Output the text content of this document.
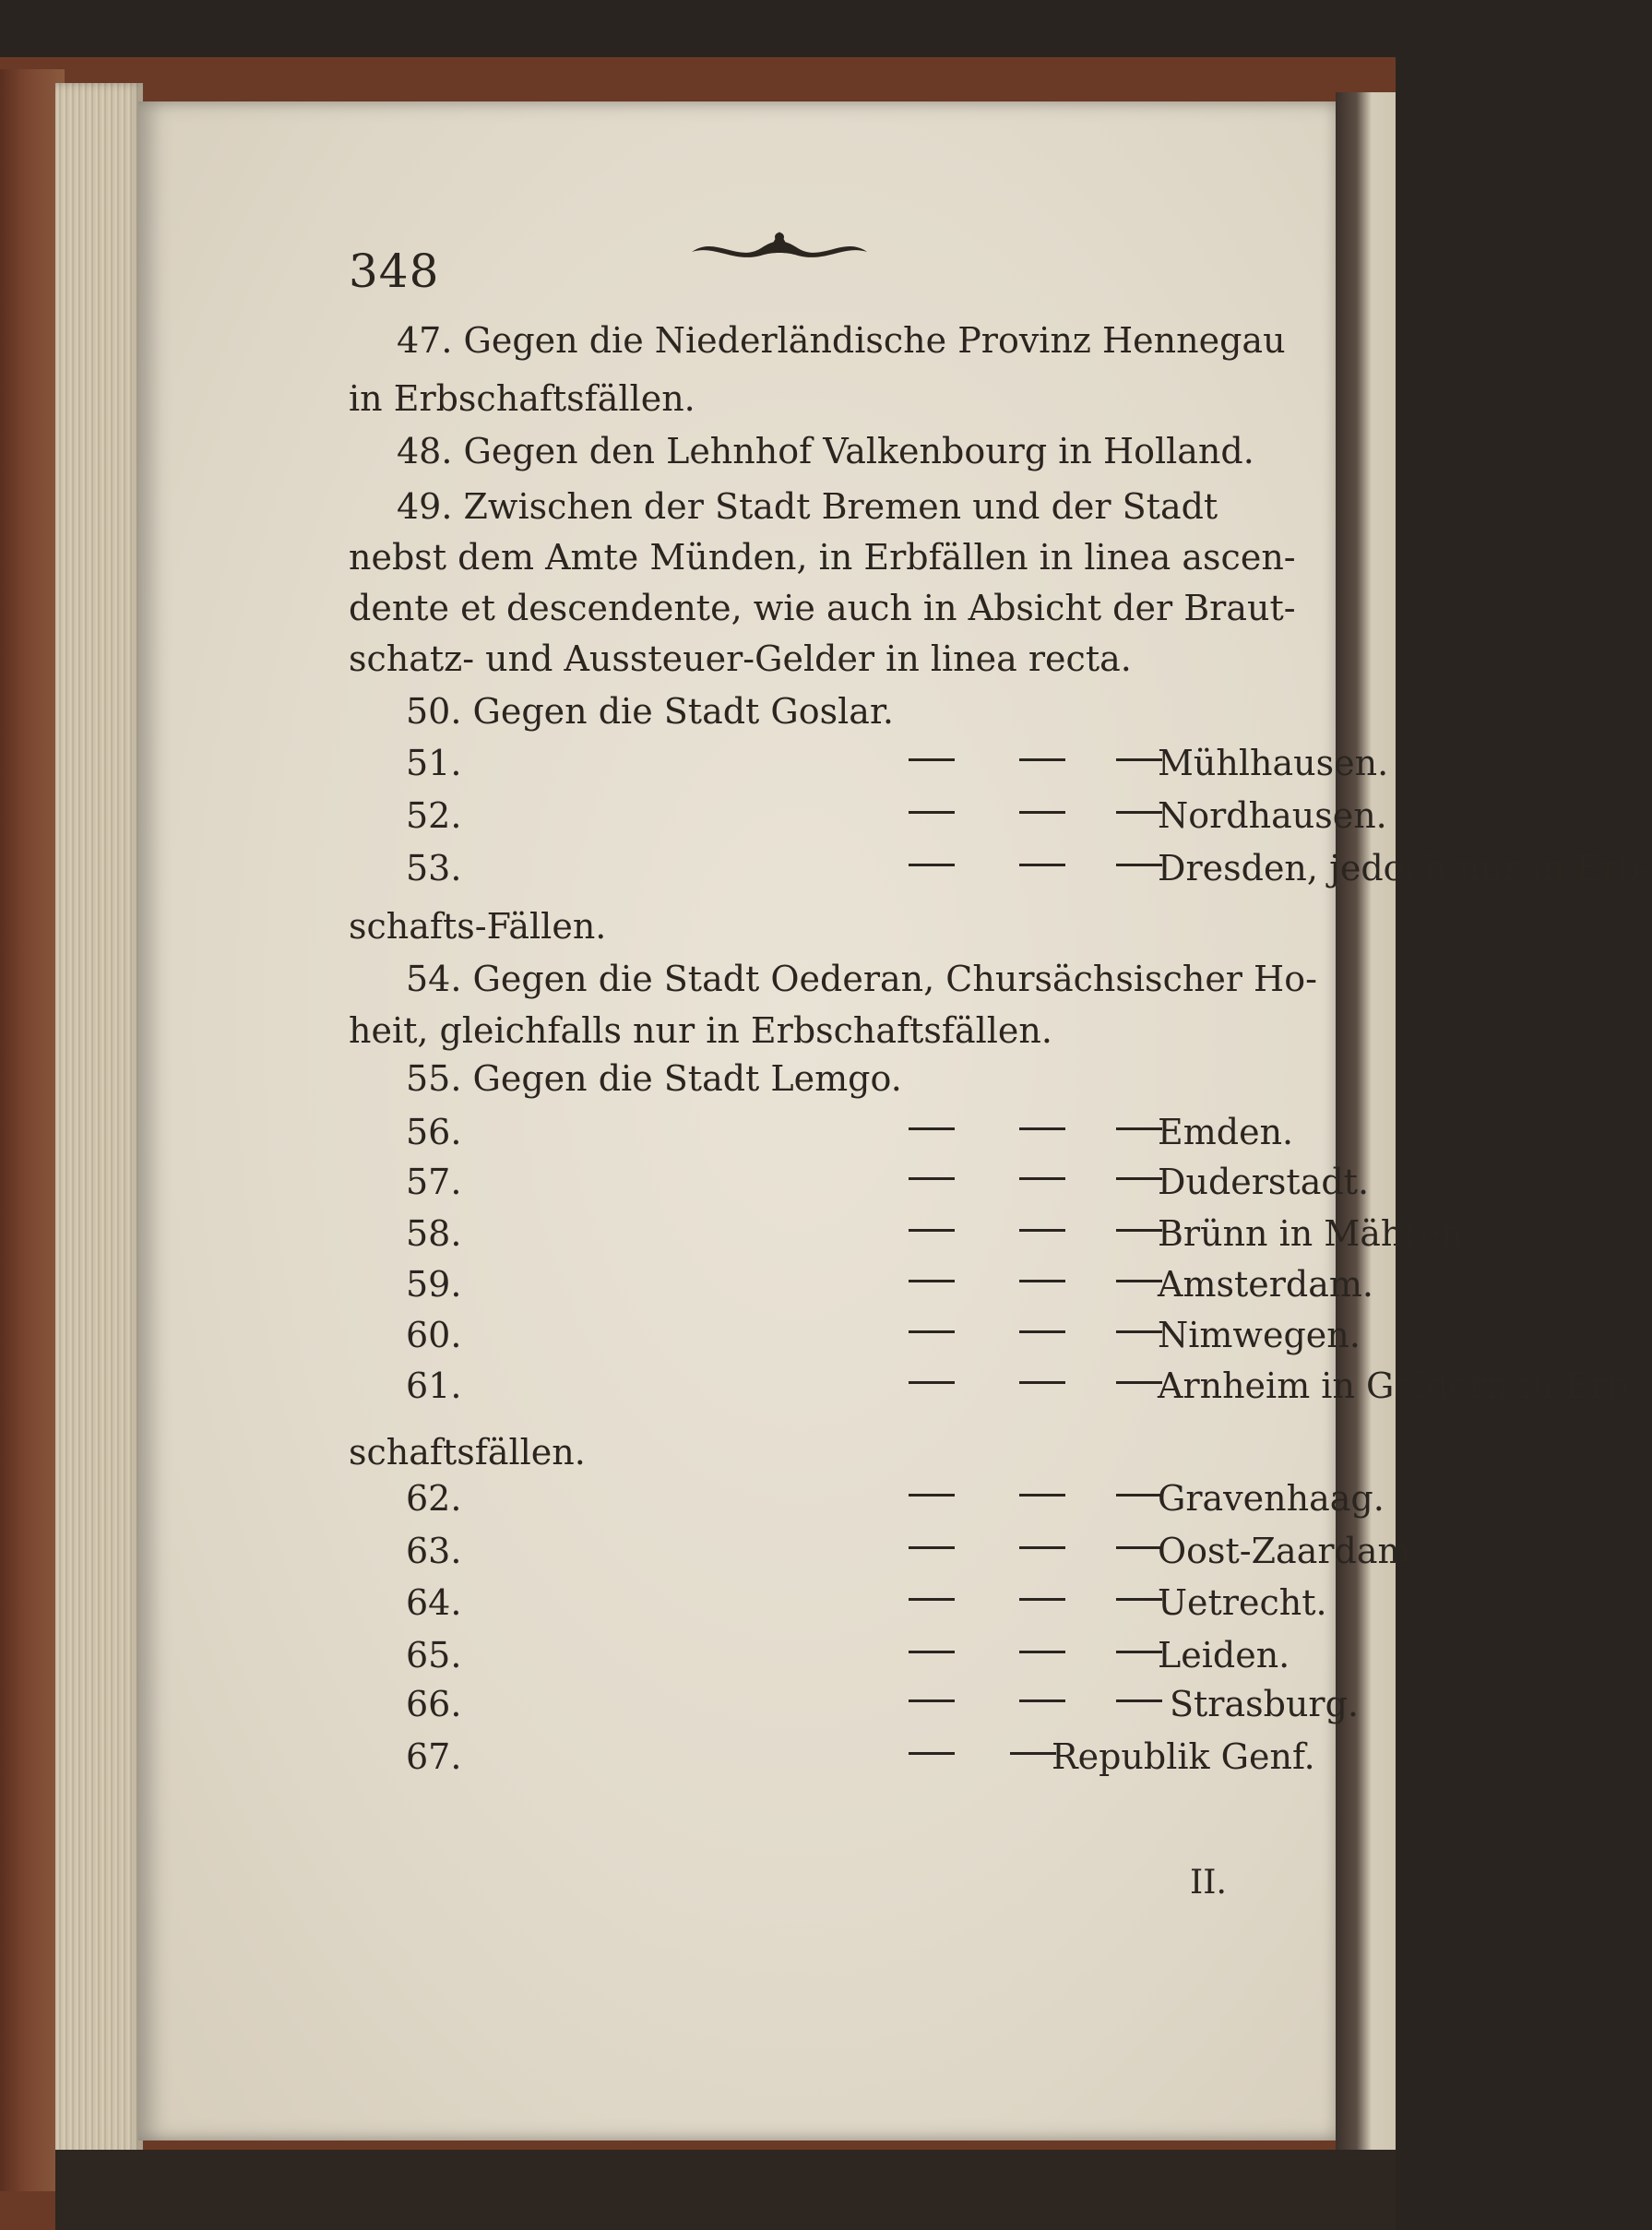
348
47. Gegen die Niederländische Provinz Hennegau
in Erbschaftsfällen.
48. Gegen den Lehnhof Valkenbourg in Holland.
49. Zwischen der Stadt Bremen und der Stadt
nebst dem Amte Münden, in Erbfällen in linea ascen-
dente et descendente, wie auch in Absicht der Braut-
schatz- und Aussteuer-Gelder in linea recta.
50. Gegen die Stadt Goslar.
51.	Mühlhausen.
52.	Nordhausen.
53.	Dresden, jedoch nur in Erb-
schafts-Fällen.
54. Gegen die Stadt Oederan, Chursächsischer Ho-
heit, gleichfalls nur in Erbschaftsfällen.
55. Gegen die Stadt Lemgo.
56.	Emden.
57.	Duderstadt.
58.	Brünn in Mähren.
59.	Amsterdam.
60.	Nimwegen.
61.	Arnheim in Geldern in Erb-
schaftsfällen.
62.	Gravenhaag.
63.	Oost-Zaardam.
64.	Uetrecht.
65.	Leiden.
66.	Strasburg.
67.	Republik Genf.
II.
